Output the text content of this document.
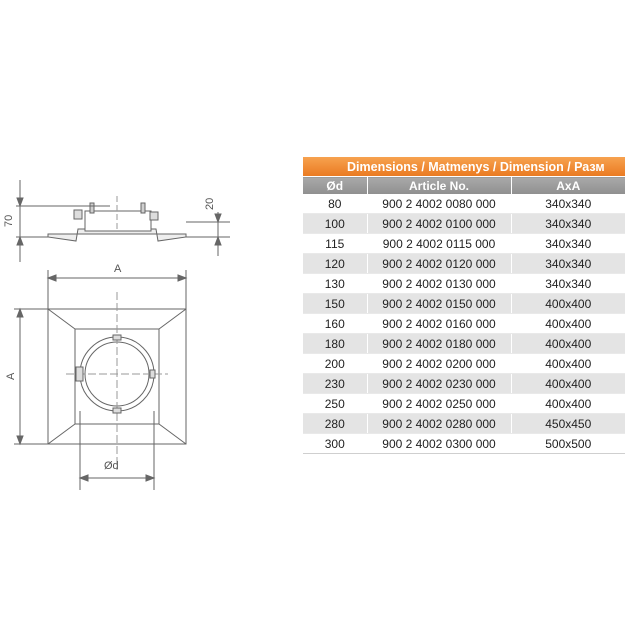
70
20
A
A
Ød
Dimensions / Matmenys / Dimension / Разм		
Ød	Article No.	AxA
80	900 2 4002 0080 000	340x340
100	900 2 4002 0100 000	340x340
115	900 2 4002 0115 000	340x340
120	900 2 4002 0120 000	340x340
130	900 2 4002 0130 000	340x340
150	900 2 4002 0150 000	400x400
160	900 2 4002 0160 000	400x400
180	900 2 4002 0180 000	400x400
200	900 2 4002 0200 000	400x400
230	900 2 4002 0230 000	400x400
250	900 2 4002 0250 000	400x400
280	900 2 4002 0280 000	450x450
300	900 2 4002 0300 000	500x500
